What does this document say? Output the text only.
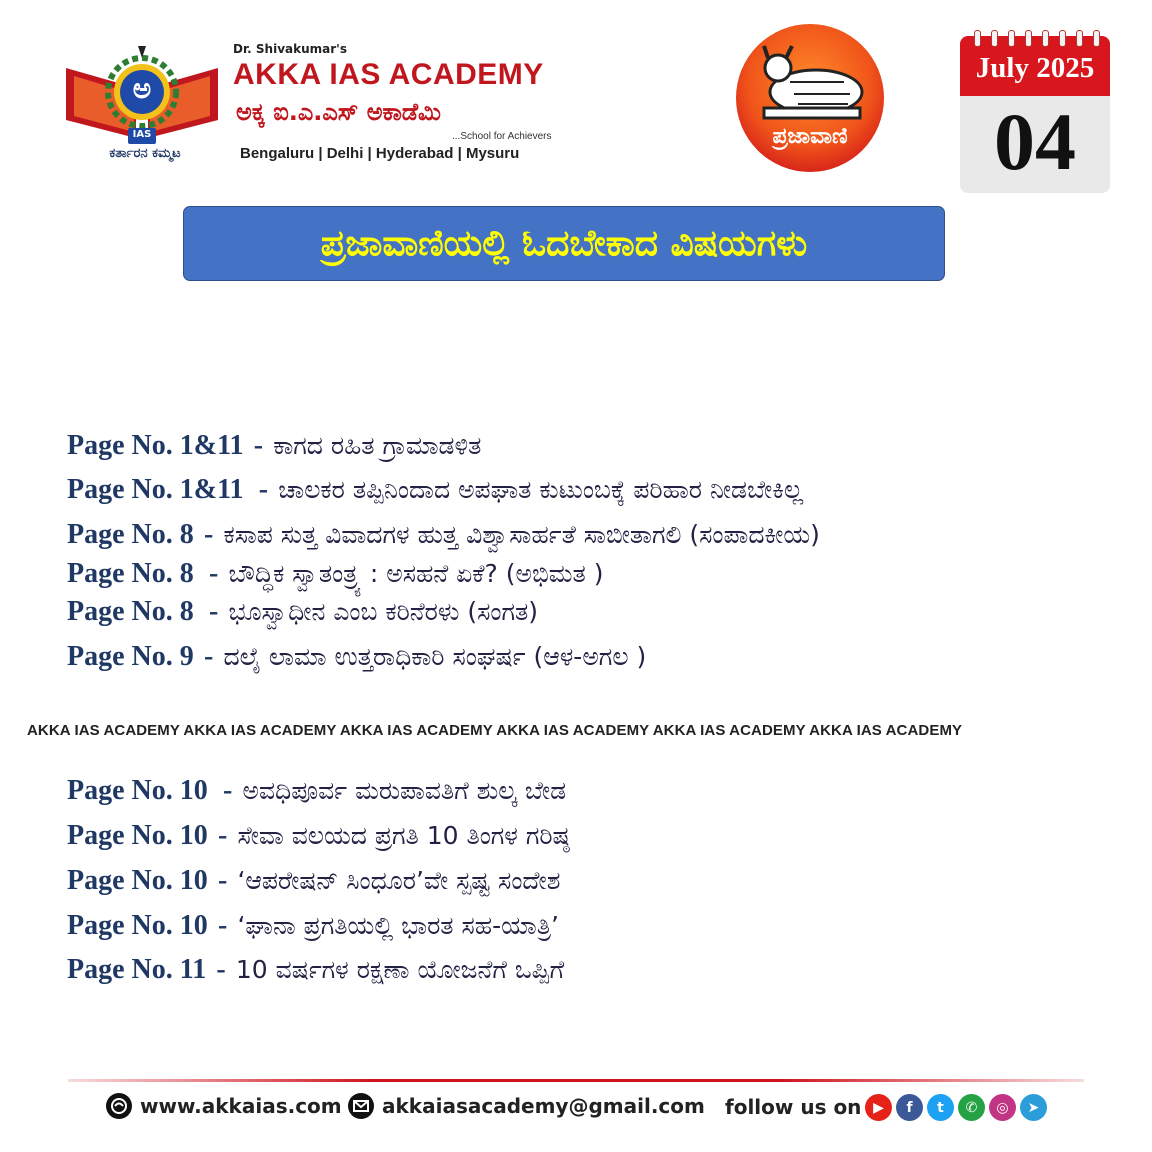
ಅ
IAS
ಕರ್ತಾರನ ಕಮ್ಮಟ
Dr. Shivakumar's
AKKA IAS ACADEMY
ಅಕ್ಕ ಐ.ಎ.ಎಸ್ ಅಕಾಡೆಮಿ
...School for Achievers
Bengaluru | Delhi | Hyderabad | Mysuru
ಪ್ರಜಾವಾಣಿ
July 2025
04
ಪ್ರಜಾವಾಣಿಯಲ್ಲಿ ಓದಬೇಕಾದ ವಿಷಯಗಳು
Page No. 1&11 - ಕಾಗದ ರಹಿತ ಗ್ರಾಮಾಡಳಿತ
Page No. 1&11 - ಚಾಲಕರ ತಪ್ಪಿನಿಂದಾದ ಅಪಘಾತ ಕುಟುಂಬಕ್ಕೆ ಪರಿಹಾರ ನೀಡಬೇಕಿಲ್ಲ
Page No. 8 - ಕಸಾಪ ಸುತ್ತ ವಿವಾದಗಳ ಹುತ್ತ ವಿಶ್ವಾಸಾರ್ಹತೆ ಸಾಬೀತಾಗಲಿ (ಸಂಪಾದಕೀಯ)
Page No. 8 - ಬೌದ್ಧಿಕ ಸ್ವಾತಂತ್ರ್ಯ : ಅಸಹನೆ ಏಕೆ? (ಅಭಿಮತ )
Page No. 8 - ಭೂಸ್ವಾಧೀನ ಎಂಬ ಕರಿನೆರಳು (ಸಂಗತ)
Page No. 9 - ದಲೈ ಲಾಮಾ ಉತ್ತರಾಧಿಕಾರಿ ಸಂಘರ್ಷ (ಆಳ-ಅಗಲ )
AKKA IAS ACADEMY AKKA IAS ACADEMY AKKA IAS ACADEMY AKKA IAS ACADEMY AKKA IAS ACADEMY AKKA IAS ACADEMY
Page No. 10 - ಅವಧಿಪೂರ್ವ ಮರುಪಾವತಿಗೆ ಶುಲ್ಕ ಬೇಡ
Page No. 10 - ಸೇವಾ ವಲಯದ ಪ್ರಗತಿ 10 ತಿಂಗಳ ಗರಿಷ್ಠ
Page No. 10 - ‘ಆಪರೇಷನ್ ಸಿಂಧೂರ’ವೇ ಸ್ಪಷ್ಟ ಸಂದೇಶ
Page No. 10 - ‘ಘಾನಾ ಪ್ರಗತಿಯಲ್ಲಿ ಭಾರತ ಸಹ-ಯಾತ್ರಿ’
Page No. 11 - 10 ವರ್ಷಗಳ ರಕ್ಷಣಾ ಯೋಜನೆಗೆ ಒಪ್ಪಿಗೆ
www.akkaias.com akkaiasacademy@gmail.com follow us on ▶	f	t	✆	◎	➤
